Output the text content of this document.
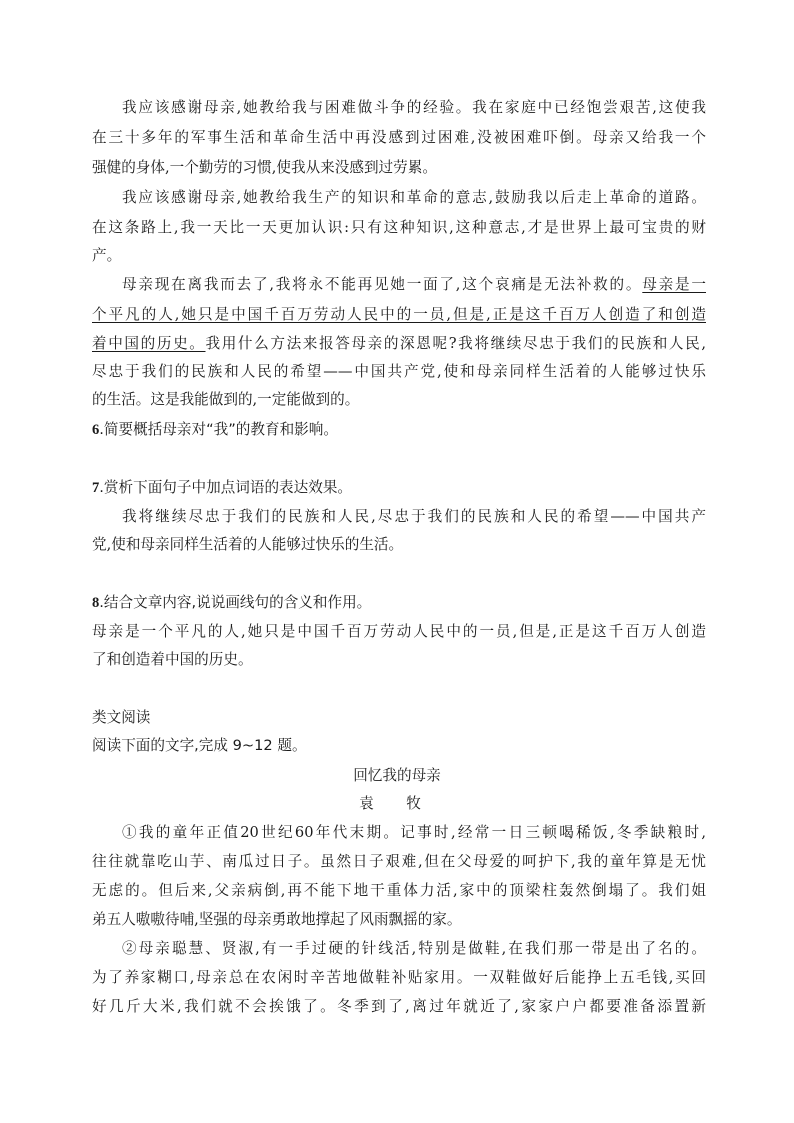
我应该感谢母亲,她教给我与困难做斗争的经验。我在家庭中已经饱尝艰苦,这使我
在三十多年的军事生活和革命生活中再没感到过困难,没被困难吓倒。母亲又给我一个
强健的身体,一个勤劳的习惯,使我从来没感到过劳累。
我应该感谢母亲,她教给我生产的知识和革命的意志,鼓励我以后走上革命的道路。
在这条路上,我一天比一天更加认识:只有这种知识,这种意志,才是世界上最可宝贵的财
产。
母亲现在离我而去了,我将永不能再见她一面了,这个哀痛是无法补救的。母亲是一
个平凡的人,她只是中国千百万劳动人民中的一员,但是,正是这千百万人创造了和创造
着中国的历史。我用什么方法来报答母亲的深恩呢?我将继续尽忠于我们的民族和人民,
尽忠于我们的民族和人民的希望——中国共产党,使和母亲同样生活着的人能够过快乐
的生活。这是我能做到的,一定能做到的。
6.简要概括母亲对“我”的教育和影响。
7.赏析下面句子中加点词语的表达效果。
我将继续尽忠于我们的民族和人民,尽忠于我们的民族和人民的希望——中国共产
党,使和母亲同样生活着的人能够过快乐的生活。
8.结合文章内容,说说画线句的含义和作用。
母亲是一个平凡的人,她只是中国千百万劳动人民中的一员,但是,正是这千百万人创造
了和创造着中国的历史。
类文阅读
阅读下面的文字,完成 9~12 题。
回忆我的母亲
袁 牧
①我的童年正值20世纪60年代末期。记事时,经常一日三顿喝稀饭,冬季缺粮时,
往往就靠吃山芋、南瓜过日子。虽然日子艰难,但在父母爱的呵护下,我的童年算是无忧
无虑的。但后来,父亲病倒,再不能下地干重体力活,家中的顶梁柱轰然倒塌了。我们姐
弟五人嗷嗷待哺,坚强的母亲勇敢地撑起了风雨飘摇的家。
②母亲聪慧、贤淑,有一手过硬的针线活,特别是做鞋,在我们那一带是出了名的。
为了养家糊口,母亲总在农闲时辛苦地做鞋补贴家用。一双鞋做好后能挣上五毛钱,买回
好几斤大米,我们就不会挨饿了。冬季到了,离过年就近了,家家户户都要准备添置新
